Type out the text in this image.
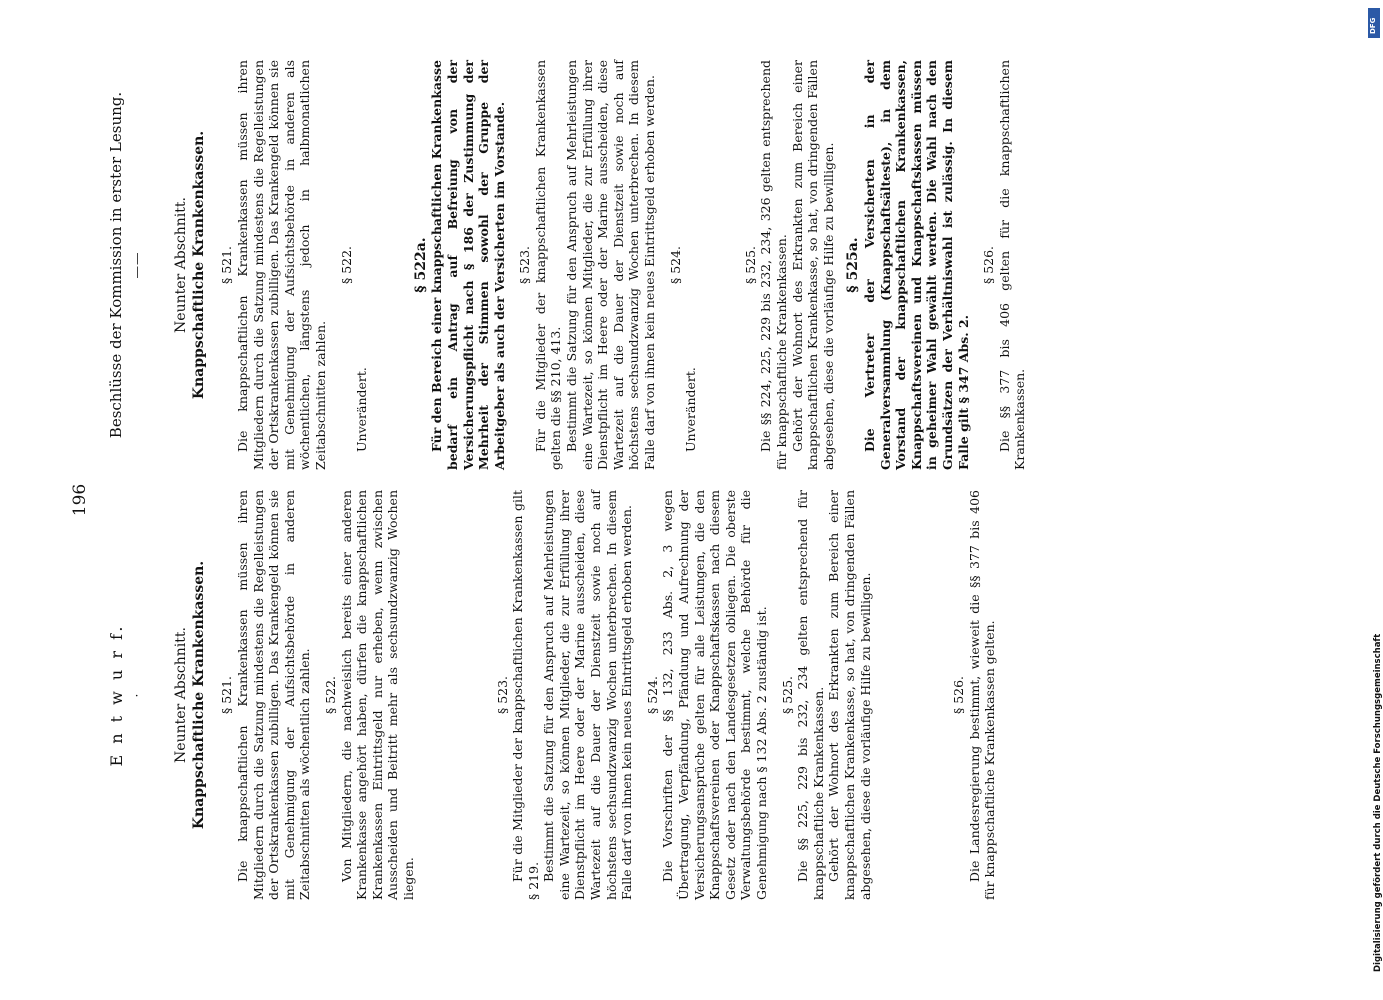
196
E n t w u r f. · Neunter Abschnitt. Knappschaftliche Krankenkassen. § 521. Die knappschaftlichen Krankenkassen müssen ihren Mitgliedern durch die Satzung mindestens die Regelleistungen der Ortskrankenkassen zubilligen. Das Krankengeld können sie mit Genehmigung der Aufsichtsbehörde in anderen Zeitabschnitten als wöchentlich zahlen. § 522. Von Mitgliedern, die nachweislich bereits einer anderen Krankenkasse angehört haben, dürfen die knappschaftlichen Krankenkassen Eintrittsgeld nur erheben, wenn zwischen Ausscheiden und Beitritt mehr als sechsundzwanzig Wochen liegen.

§ 523. Für die Mitglieder der knappschaftlichen Krankenkassen gilt § 219. Bestimmt die Satzung für den Anspruch auf Mehrleistungen eine Wartezeit, so können Mitglieder, die zur Erfüllung ihrer Dienstpflicht im Heere oder der Marine ausscheiden, diese Wartezeit auf die Dauer der Dienstzeit sowie noch auf höchstens sechsundzwanzig Wochen unterbrechen. In diesem Falle darf von ihnen kein neues Eintrittsgeld erhoben werden. § 524. Die Vorschriften der §§ 132, 233 Abs. 2, 3 wegen Übertragung, Verpfändung, Pfändung und Aufrechnung der Versicherungsansprüche gelten für alle Leistungen, die den Knappschaftsvereinen oder Knappschaftskassen nach diesem Gesetz oder nach den Landesgesetzen obliegen. Die oberste Verwaltungsbehörde bestimmt, welche Behörde für die Genehmigung nach § 132 Abs. 2 zuständig ist. § 525. Die §§ 225, 229 bis 232, 234 gelten entsprechend für knappschaftliche Krankenkassen. Gehört der Wohnort des Erkrankten zum Bereich einer knappschaftlichen Krankenkasse, so hat, von dringenden Fällen abgesehen, diese die vorläufige Hilfe zu bewilligen.	§ 526. Die Landesregierung bestimmt, wieweit die §§ 377 bis 406 für knappschaftliche Krankenkassen gelten.

Beschlüsse der Kommission in erster Lesung. —— Neunter Abschnitt. Knappschaftliche Krankenkassen. § 521. Die knappschaftlichen Krankenkassen müssen ihren Mitgliedern durch die Satzung mindestens die Regelleistungen der Ortskrankenkassen zubilligen. Das Krankengeld können sie mit Genehmigung der Aufsichtsbehörde in anderen als wöchentlichen, längstens jedoch in halbmonatlichen Zeitabschnitten zahlen.

§ 522.

Unverändert.

§ 522a. Für den Bereich einer knappschaftlichen Krankenkasse bedarf ein Antrag auf Befreiung von der Versicherungspflicht nach § 186 der Zustimmung der Mehrheit der Stimmen sowohl der Gruppe der Arbeitgeber als auch der Versicherten im Vorstande. § 523. Für die Mitglieder der knappschaftlichen Krankenkassen gelten die §§ 210, 413. Bestimmt die Satzung für den Anspruch auf Mehrleistungen eine Wartezeit, so können Mitglieder, die zur Erfüllung ihrer Dienstpflicht im Heere oder der Marine ausscheiden, diese Wartezeit auf die Dauer der Dienstzeit sowie noch auf höchstens sechsundzwanzig Wochen unterbrechen. In diesem Falle darf von ihnen kein neues Eintrittsgeld erhoben werden. § 524.

Unverändert.

§ 525. Die §§ 224, 225, 229 bis 232, 234, 326 gelten entsprechend für knappschaftliche Krankenkassen. Gehört der Wohnort des Erkrankten zum Bereich einer knappschaftlichen Krankenkasse, so hat, von dringenden Fällen abgesehen, diese die vorläufige Hilfe zu bewilligen. § 525a. Die Vertreter der Versicherten in der Generalversammlung (Knappschaftsälteste), in dem Vorstand der knappschaftlichen Krankenkassen, Knappschaftsvereinen und Knappschaftskassen müssen in geheimer Wahl gewählt werden. Die Wahl nach den Grundsätzen der Verhältniswahl ist zulässig. In diesem Falle gilt § 347 Abs. 2.

§ 526. Die §§ 377 bis 406 gelten für die knappschaftlichen Krankenkassen.

Digitalisierung gefördert durch die Deutsche Forschungsgemeinschaft
DFG
